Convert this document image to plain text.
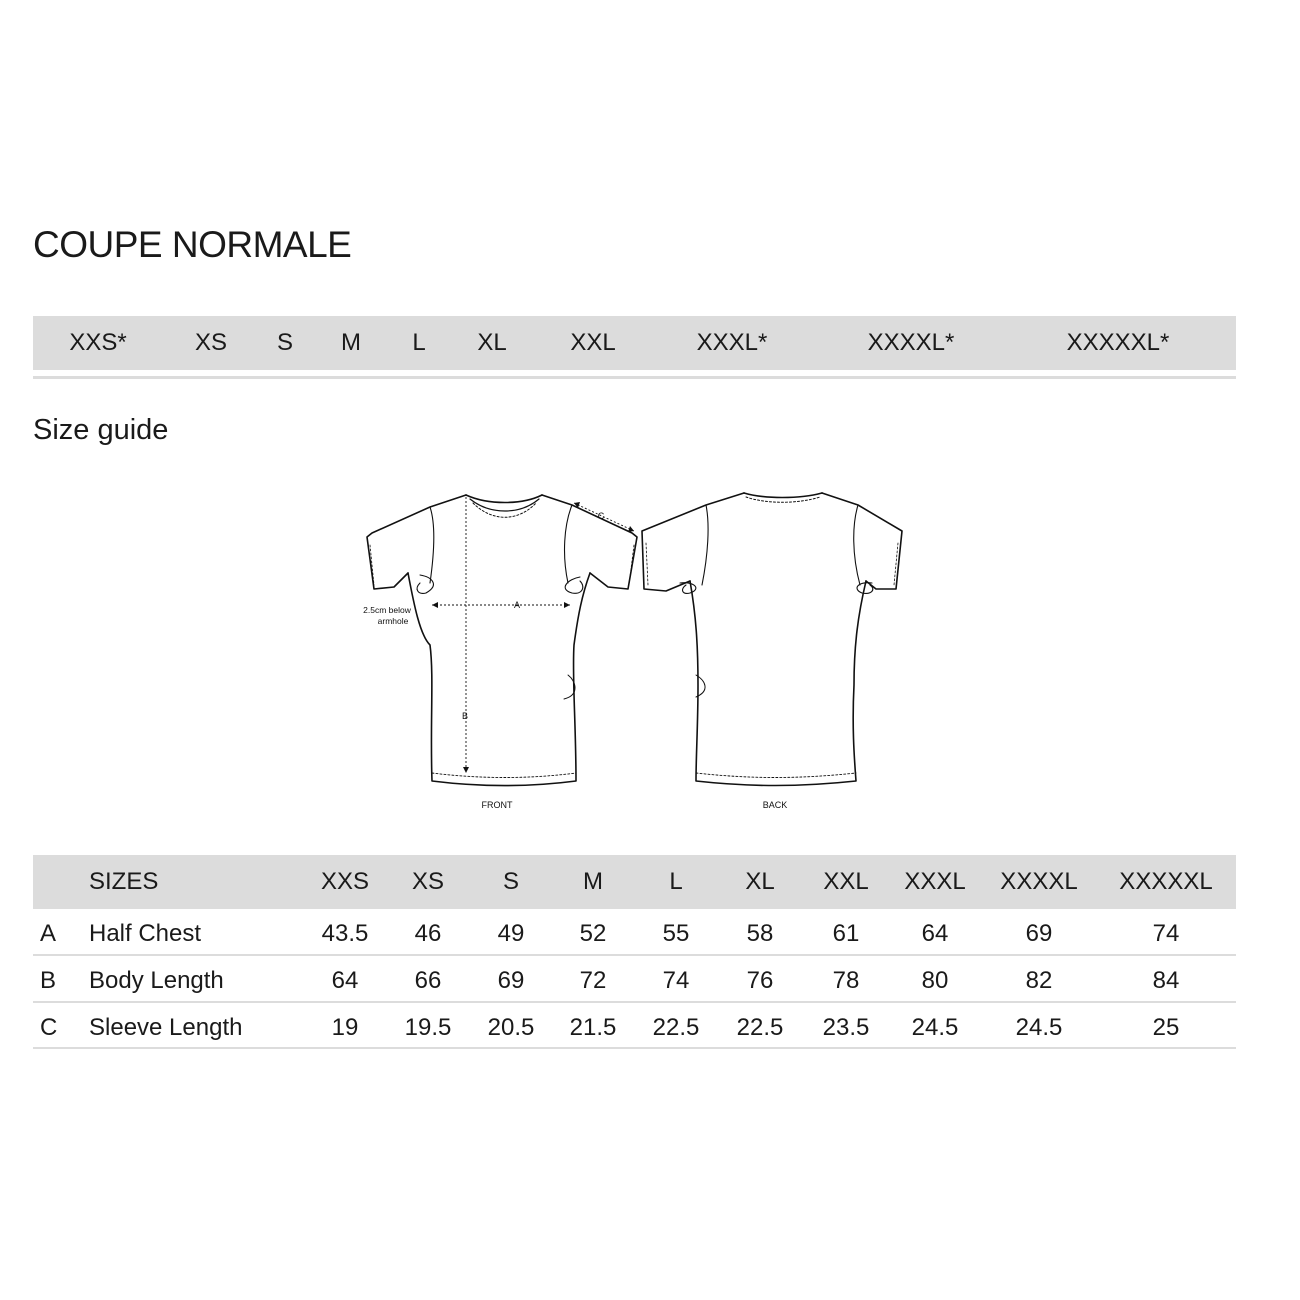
COUPE NORMALE
XXS*	XS S M L XL	XXL	XXXL*	XXXXL*	XXXXXL*
Size guide
A
B
C
2.5cm below
armhole
FRONT	BACK
SIZES	XXS XS S	M	L	XL XXL XXXL XXXXL XXXXXL
A Half Chest	43.5 46 49 52 55 58 61	64	69	74
B Body Length	64 66 69 72 74 76 78	80	82	84
C Sleeve Length	19 19.5 20.5 21.5 22.5 22.5 23.5 24.5 24.5	25
